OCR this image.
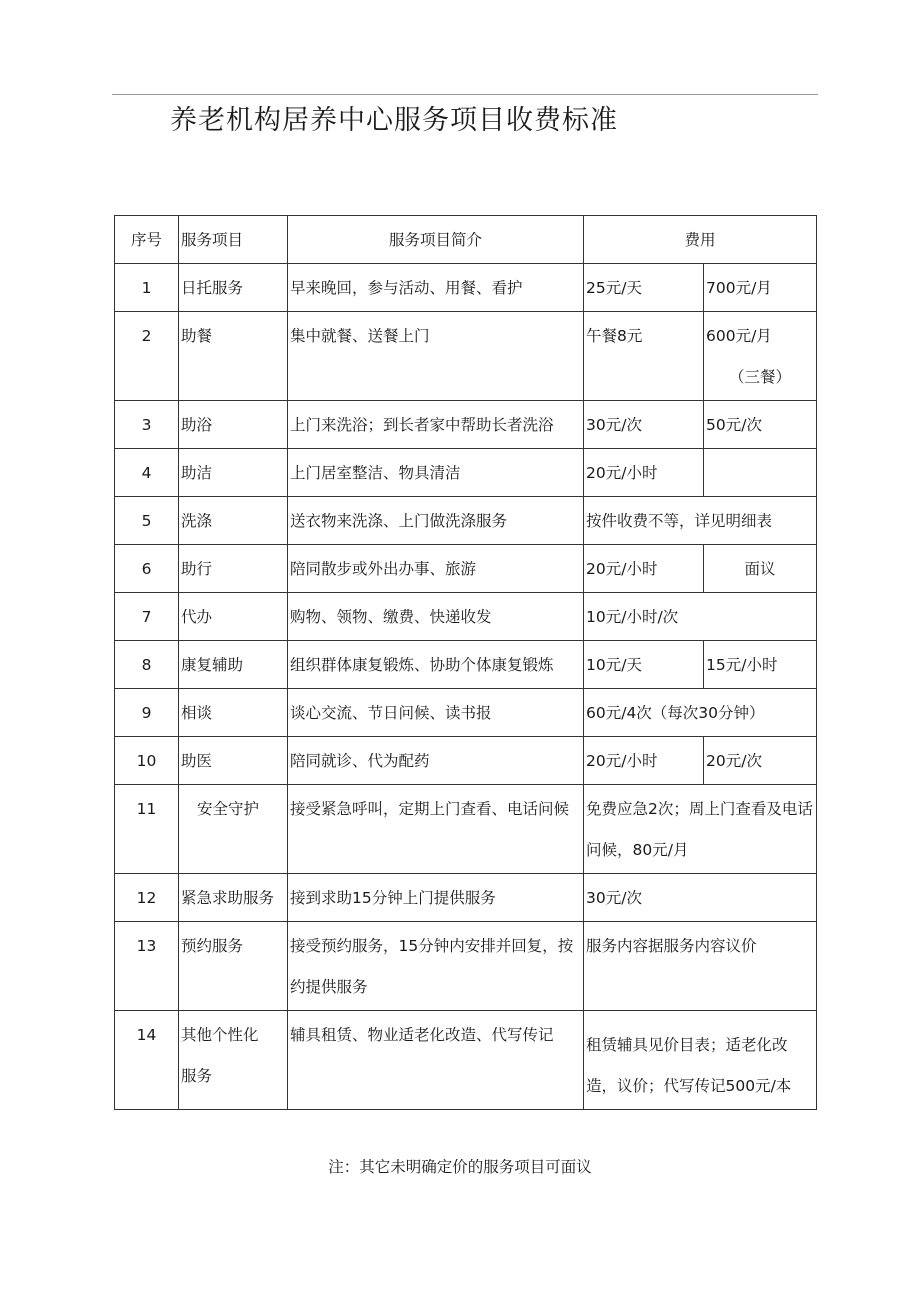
养老机构居养中心服务项目收费标准
序号	服务项目	服务项目简介	费用	
1	日托服务	早来晚回，参与活动、用餐、看护	25元/天	700元/月
2	助餐	集中就餐、送餐上门	午餐8元	600元/月
（三餐）

3	助浴	上门来洗浴；到长者家中帮助长者洗浴	30元/次	50元/次
4	助洁	上门居室整洁、物具清洁	20元/小时	
5	洗涤	送衣物来洗涤、上门做洗涤服务	按件收费不等，详见明细表	
6	助行	陪同散步或外出办事、旅游	20元/小时	面议
7	代办	购物、领物、缴费、快递收发	10元/小时/次	
8	康复辅助	组织群体康复锻炼、协助个体康复锻炼	10元/天	15元/小时
9	相谈	谈心交流、节日问候、读书报	60元/4次（每次30分钟）	
10	助医	陪同就诊、代为配药	20元/小时	20元/次
11	安全守护	接受紧急呼叫，定期上门查看、电话问候	免费应急2次；周上门查看及电话问候，80元/月	
12	紧急求助服务	接到求助15分钟上门提供服务	30元/次	
13	预约服务	接受预约服务，15分钟内安排并回复，按约提供服务	服务内容据服务内容议价	
14	其他个性化服务	辅具租赁、物业适老化改造、代写传记	租赁辅具见价目表；适老化改造，议价；代写传记500元/本	
注：其它未明确定价的服务项目可面议
